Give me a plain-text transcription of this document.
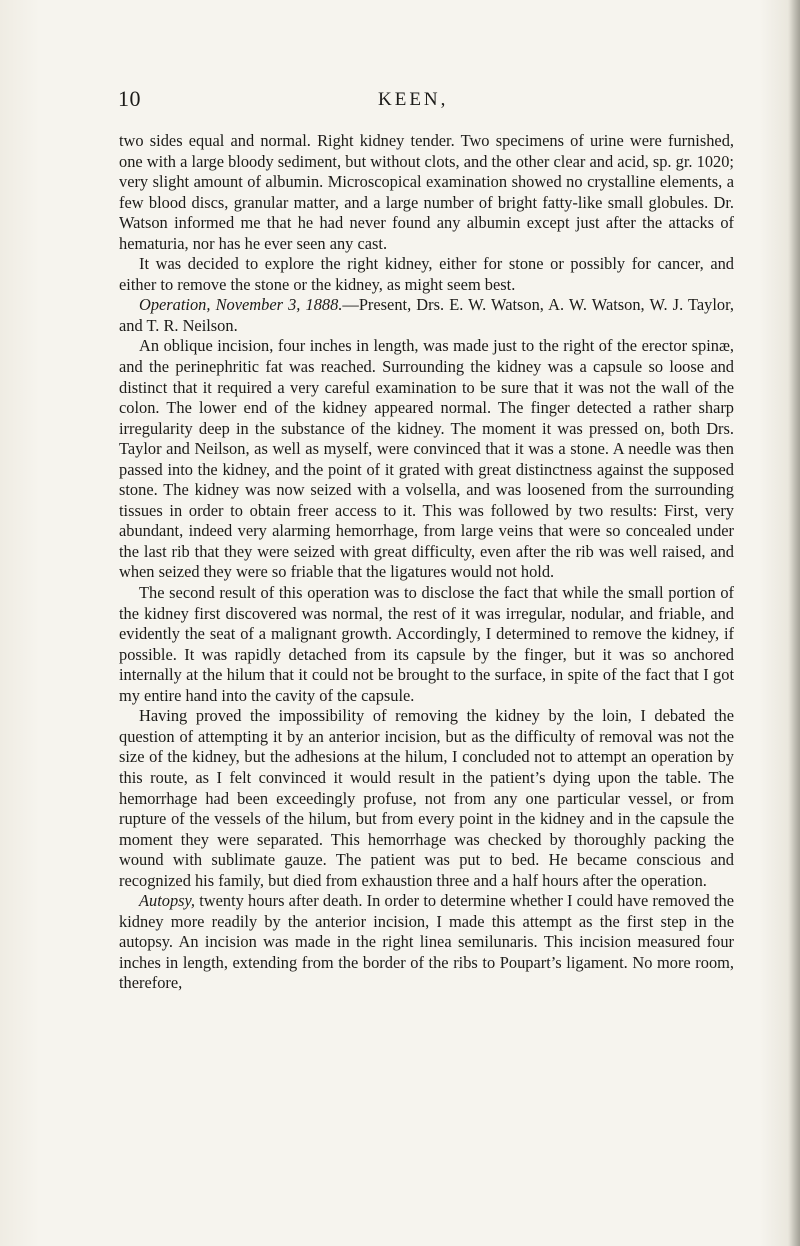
10	KEEN,

two sides equal and normal. Right kidney tender. Two specimens of urine were furnished, one with a large bloody sediment, but without clots, and the other clear and acid, sp. gr. 1020; very slight amount of albumin. Microscopical examination showed no crystalline elements, a few blood discs, granular matter, and a large number of bright fatty-like small globules. Dr. Watson informed me that he had never found any albumin except just after the attacks of hematuria, nor has he ever seen any cast.

It was decided to explore the right kidney, either for stone or possibly for cancer, and either to remove the stone or the kidney, as might seem best.

Operation, November 3, 1888.—Present, Drs. E. W. Watson, A. W. Watson, W. J. Taylor, and T. R. Neilson.

An oblique incision, four inches in length, was made just to the right of the erector spinæ, and the perinephritic fat was reached. Surrounding the kidney was a capsule so loose and distinct that it required a very careful examination to be sure that it was not the wall of the colon. The lower end of the kidney appeared normal. The finger detected a rather sharp irregularity deep in the substance of the kidney. The moment it was pressed on, both Drs. Taylor and Neilson, as well as myself, were convinced that it was a stone. A needle was then passed into the kidney, and the point of it grated with great distinctness against the supposed stone. The kidney was now seized with a volsella, and was loosened from the surrounding tissues in order to obtain freer access to it. This was followed by two results: First, very abundant, indeed very alarming hemorrhage, from large veins that were so concealed under the last rib that they were seized with great difficulty, even after the rib was well raised, and when seized they were so friable that the ligatures would not hold.

The second result of this operation was to disclose the fact that while the small portion of the kidney first discovered was normal, the rest of it was irregular, nodular, and friable, and evidently the seat of a malignant growth. Accordingly, I determined to remove the kidney, if possible. It was rapidly detached from its capsule by the finger, but it was so anchored internally at the hilum that it could not be brought to the surface, in spite of the fact that I got my entire hand into the cavity of the capsule.

Having proved the impossibility of removing the kidney by the loin, I debated the question of attempting it by an anterior incision, but as the difficulty of removal was not the size of the kidney, but the adhesions at the hilum, I concluded not to attempt an operation by this route, as I felt convinced it would result in the patient’s dying upon the table. The hemorrhage had been exceedingly profuse, not from any one particular vessel, or from rupture of the vessels of the hilum, but from every point in the kidney and in the capsule the moment they were separated. This hemorrhage was checked by thoroughly packing the wound with sublimate gauze. The patient was put to bed. He became conscious and recognized his family, but died from exhaustion three and a half hours after the operation.

Autopsy, twenty hours after death. In order to determine whether I could have removed the kidney more readily by the anterior incision, I made this attempt as the first step in the autopsy. An incision was made in the right linea semilunaris. This incision measured four inches in length, extending from the border of the ribs to Poupart’s ligament. No more room, therefore,
